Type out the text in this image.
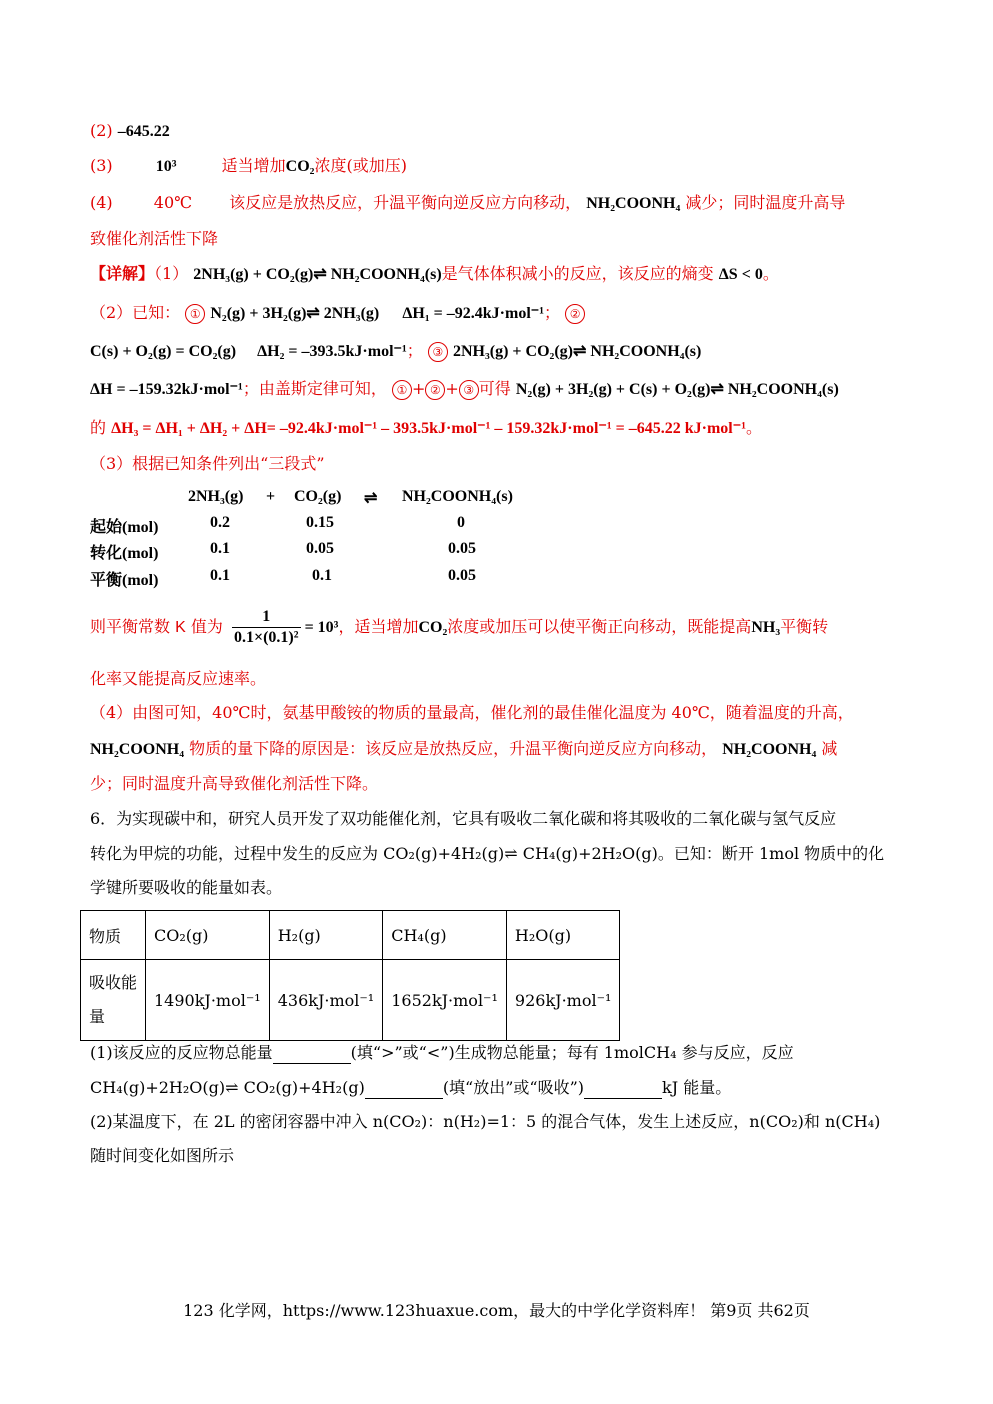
(2) –645.22
(3)	10³	适当增加CO₂浓度(或加压)
(4)	40℃ 该反应是放热反应，升温平衡向逆反应方向移动， NH₂COONH₄ 减少；同时温度升高导
致催化剂活性下降
【详解】（1） 2NH₃(g) + CO₂(g)⇌ NH₂COONH₄(s)是气体体积减小的反应，该反应的熵变 ΔS < 0。
（2）已知： ① N₂(g) + 3H₂(g)⇌ 2NH₃(g) ΔH₁ = –92.4kJ·mol⁻¹； ②
C(s) + O₂(g) = CO₂(g) ΔH₂ = –393.5kJ·mol⁻¹； ③ 2NH₃(g) + CO₂(g)⇌ NH₂COONH₄(s)
ΔH = –159.32kJ·mol⁻¹；由盖斯定律可知， ① + ② + ③ 可得 N₂(g) + 3H₂(g) + C(s) + O₂(g)⇌ NH₂COONH₄(s)
的 ΔH₃ = ΔH₁ + ΔH₂ + ΔH= –92.4kJ·mol⁻¹ – 393.5kJ·mol⁻¹ – 159.32kJ·mol⁻¹ = –645.22 kJ·mol⁻¹。
（3）根据已知条件列出“三段式”
2NH₃(g) + CO₂(g) ⇌ NH₂COONH₄(s)
起始(mol)	0.2	0.15	0
转化(mol)	0.1	0.05	0.05
平衡(mol)	0.1	0.1	0.05
则平衡常数 K 值为 $\frac{1}{\text{0.1×(0.1)²}} = 10^3$，适当增加CO₂浓度或加压可以使平衡正向移动，既能提高NH₃平衡转
化率又能提高反应速率。
（4）由图可知，40℃时，氨基甲酸铵的物质的量最高，催化剂的最佳催化温度为 40℃，随着温度的升高，
NH₂COONH₄ 物质的量下降的原因是：该反应是放热反应，升温平衡向逆反应方向移动， NH₂COONH₄ 减
少；同时温度升高导致催化剂活性下降。
6．为实现碳中和，研究人员开发了双功能催化剂，它具有吸收二氧化碳和将其吸收的二氧化碳与氢气反应
转化为甲烷的功能，过程中发生的反应为 CO₂(g)+4H₂(g)⇌ CH₄(g)+2H₂O(g)。已知：断开 1mol 物质中的化
学键所要吸收的能量如表。
物质	CO₂(g)	H₂(g)	CH₄(g)	H₂O(g)
吸收能量	1490kJ·mol⁻¹	436kJ·mol⁻¹	1652kJ·mol⁻¹	926kJ·mol⁻¹
(1)该反应的反应物总能量	(填“>”或“<”)生成物总能量；每有 1molCH₄ 参与反应，反应
CH₄(g)+2H₂O(g)⇌ CO₂(g)+4H₂(g)	(填“放出”或“吸收”)	kJ 能量。
(2)某温度下，在 2L 的密闭容器中冲入 n(CO₂)：n(H₂)=1：5 的混合气体，发生上述反应，n(CO₂)和 n(CH₄)
随时间变化如图所示
123 化学网，https://www.123huaxue.com，最大的中学化学资料库！ 第9页 共62页
